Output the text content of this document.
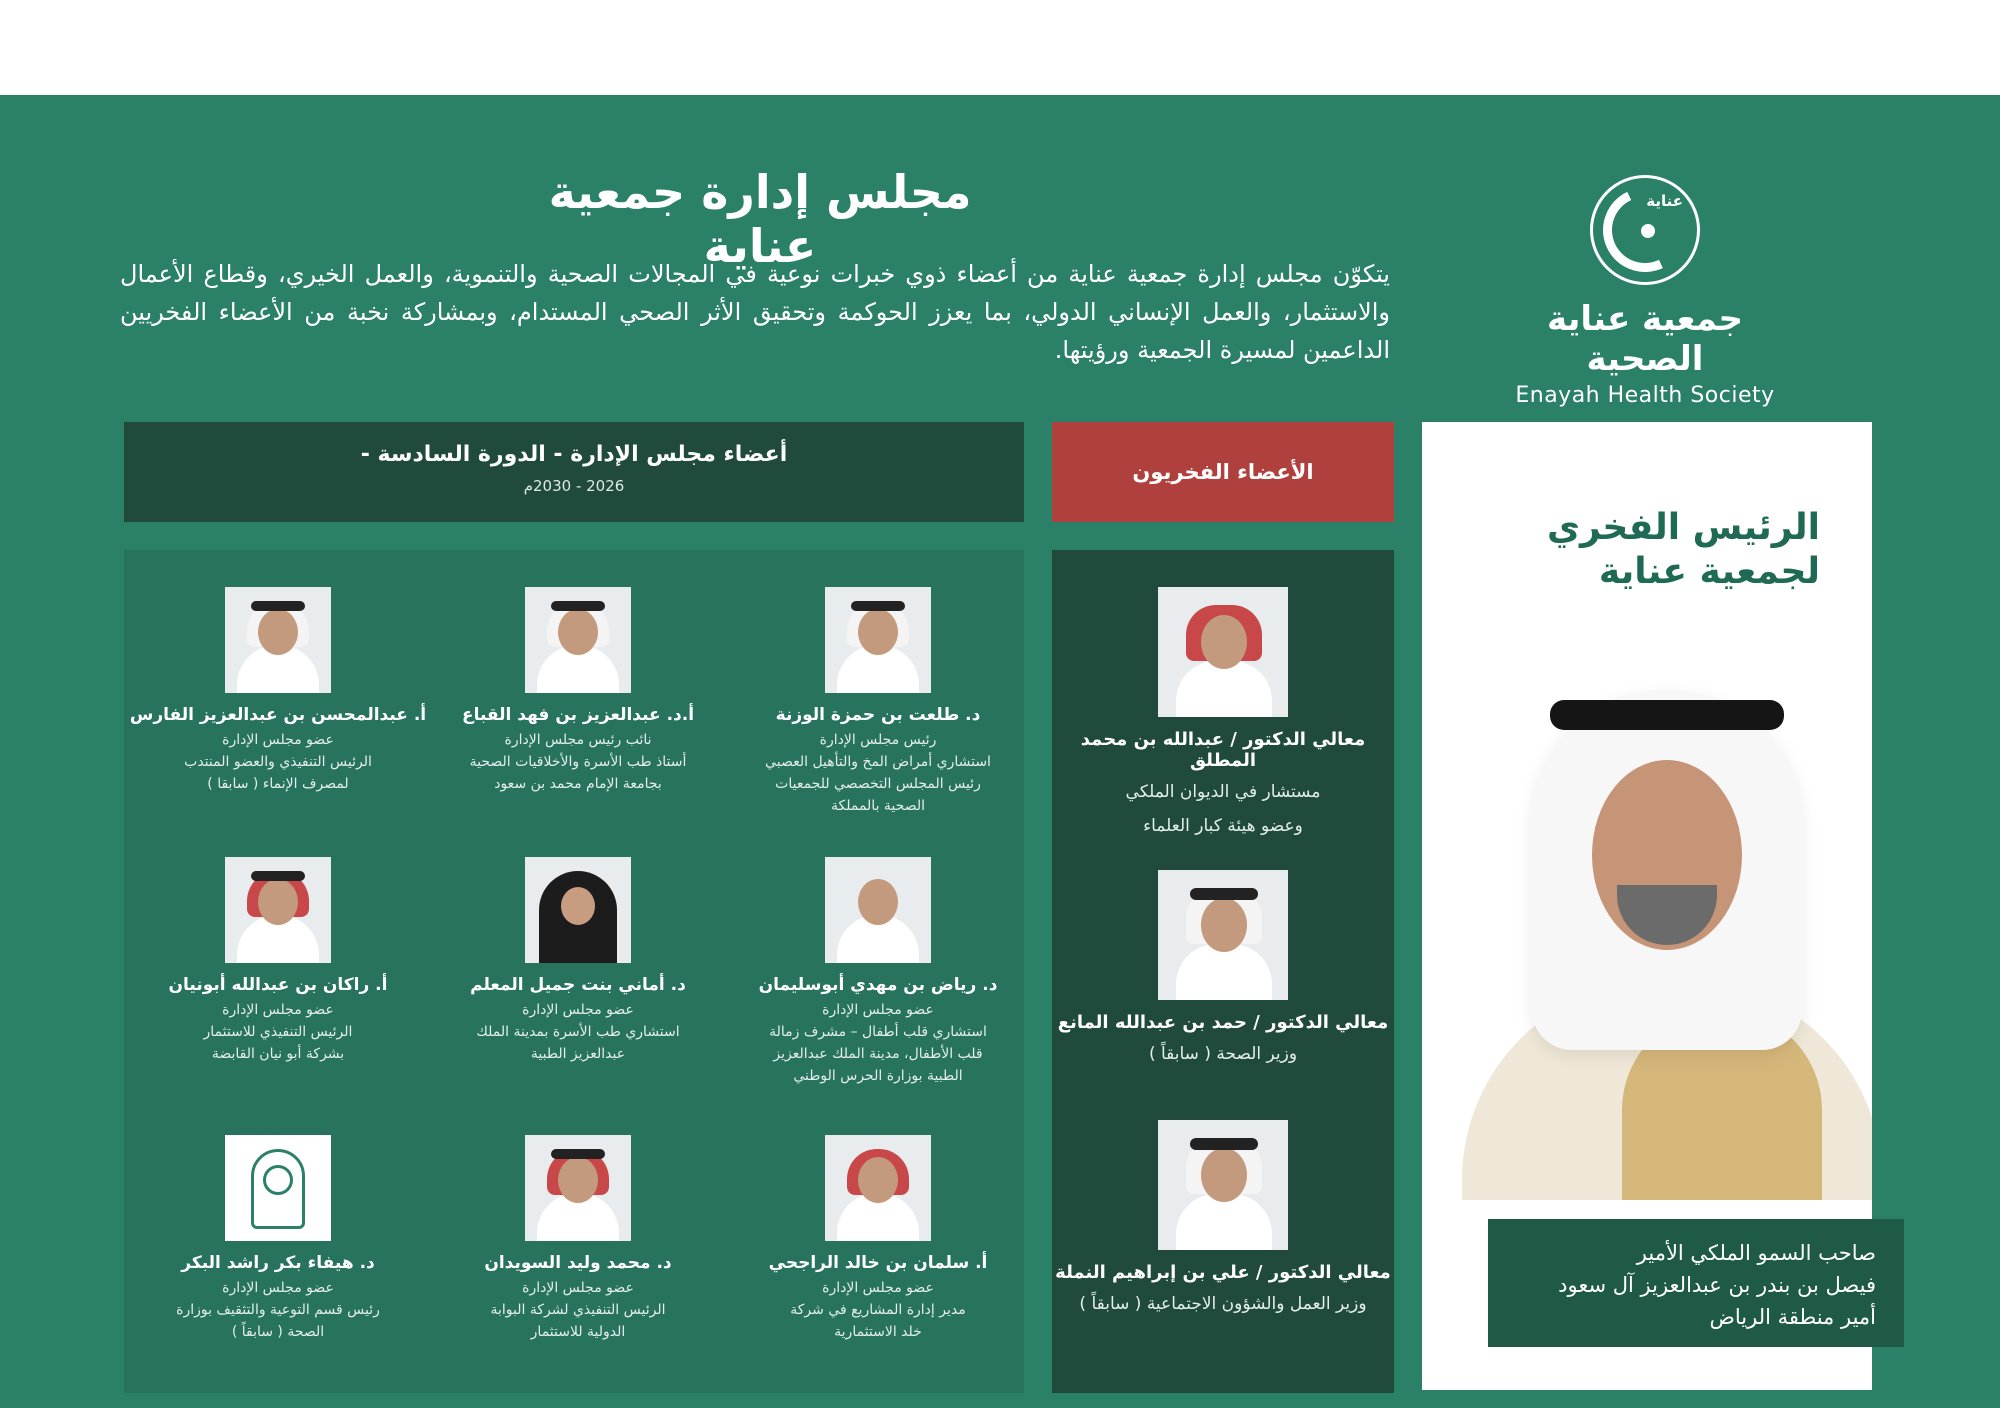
عناية
جمعية عناية الصحية
Enayah Health Society
مجلس إدارة جمعية عناية
يتكوّن مجلس إدارة جمعية عناية من أعضاء ذوي خبرات نوعية في المجالات الصحية والتنموية، والعمل الخيري، وقطاع الأعمال والاستثمار، والعمل الإنساني الدولي، بما يعزز الحوكمة وتحقيق الأثر الصحي المستدام، وبمشاركة نخبة من الأعضاء الفخريين الداعمين لمسيرة الجمعية ورؤيتها.
أعضاء مجلس الإدارة - الدورة السادسة -
2026 - 2030م
الأعضاء الفخريون
د. طلعت بن حمزة الوزنة
رئيس مجلس الإدارة
استشاري أمراض المخ والتأهيل العصبي
رئيس المجلس التخصصي للجمعيات
الصحية بالمملكة
أ.د. عبدالعزيز بن فهد القباع
نائب رئيس مجلس الإدارة
أستاذ طب الأسرة والأخلاقيات الصحية
بجامعة الإمام محمد بن سعود
أ. عبدالمحسن بن عبدالعزيز الفارس
عضو مجلس الإدارة
الرئيس التنفيذي والعضو المنتدب
لمصرف الإنماء ( سابقا )
د. رياض بن مهدي أبوسليمان
عضو مجلس الإدارة
استشاري قلب أطفال – مشرف زمالة
قلب الأطفال، مدينة الملك عبدالعزيز
الطبية بوزارة الحرس الوطني
د. أماني بنت جميل المعلم
عضو مجلس الإدارة
استشاري طب الأسرة بمدينة الملك
عبدالعزيز الطبية
أ. راكان بن عبدالله أبونيان
عضو مجلس الإدارة
الرئيس التنفيذي للاستثمار
بشركة أبو نيان القابضة
أ. سلمان بن خالد الراجحي
عضو مجلس الإدارة
مدير إدارة المشاريع في شركة
خلد الاستثمارية
د. محمد وليد السويدان
عضو مجلس الإدارة
الرئيس التنفيذي لشركة البوابة
الدولية للاستثمار
د. هيفاء بكر راشد البكر
عضو مجلس الإدارة
رئيس قسم التوعية والتثقيف بوزارة
الصحة ( سابقاً )
معالي الدكتور / عبدالله بن محمد المطلق
مستشار في الديوان الملكي
وعضو هيئة كبار العلماء
معالي الدكتور / حمد بن عبدالله المانع
وزير الصحة ( سابقاً )
معالي الدكتور / علي بن إبراهيم النملة
وزير العمل والشؤون الاجتماعية ( سابقاً )
الرئيس الفخري
لجمعية عناية
صاحب السمو الملكي الأمير
فيصل بن بندر بن عبدالعزيز آل سعود
أمير منطقة الرياض
